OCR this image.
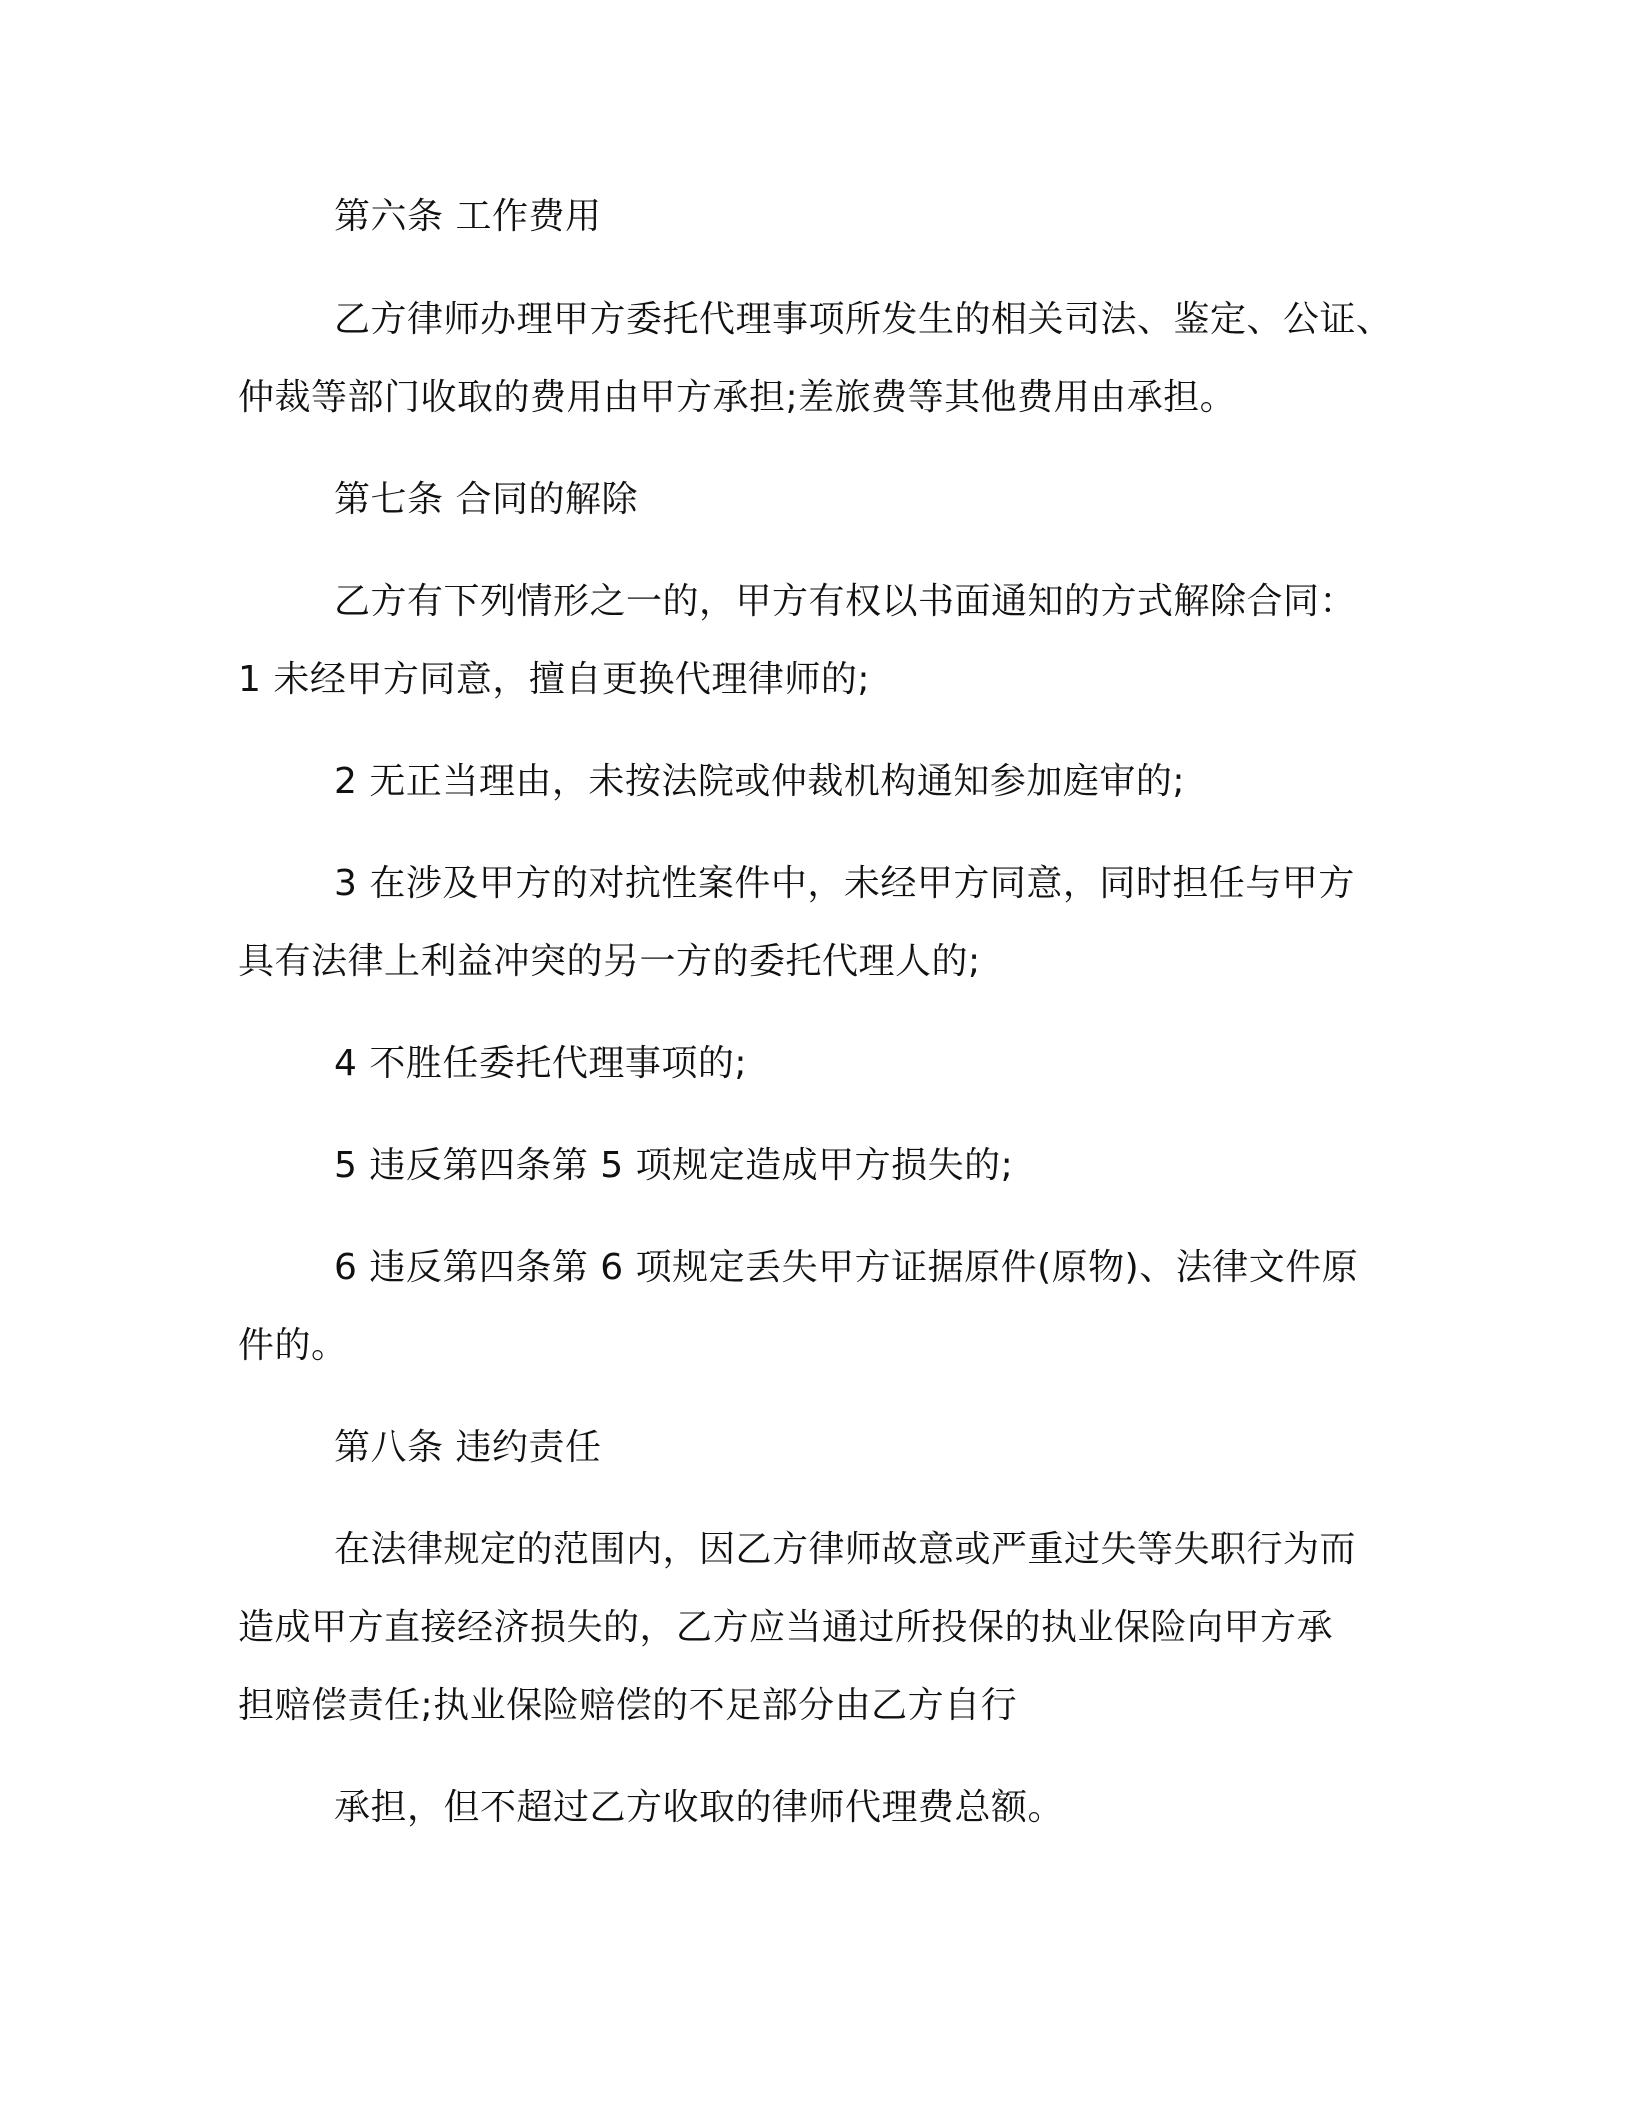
第六条 工作费用
乙方律师办理甲方委托代理事项所发生的相关司法、鉴定、公证、
仲裁等部门收取的费用由甲方承担;差旅费等其他费用由承担。
第七条 合同的解除
乙方有下列情形之一的，甲方有权以书面通知的方式解除合同：
1 未经甲方同意，擅自更换代理律师的;
2 无正当理由，未按法院或仲裁机构通知参加庭审的;
3 在涉及甲方的对抗性案件中，未经甲方同意，同时担任与甲方
具有法律上利益冲突的另一方的委托代理人的;
4 不胜任委托代理事项的;
5 违反第四条第 5 项规定造成甲方损失的;
6 违反第四条第 6 项规定丢失甲方证据原件(原物)、法律文件原
件的。
第八条 违约责任
在法律规定的范围内，因乙方律师故意或严重过失等失职行为而
造成甲方直接经济损失的，乙方应当通过所投保的执业保险向甲方承
担赔偿责任;执业保险赔偿的不足部分由乙方自行
承担，但不超过乙方收取的律师代理费总额。
